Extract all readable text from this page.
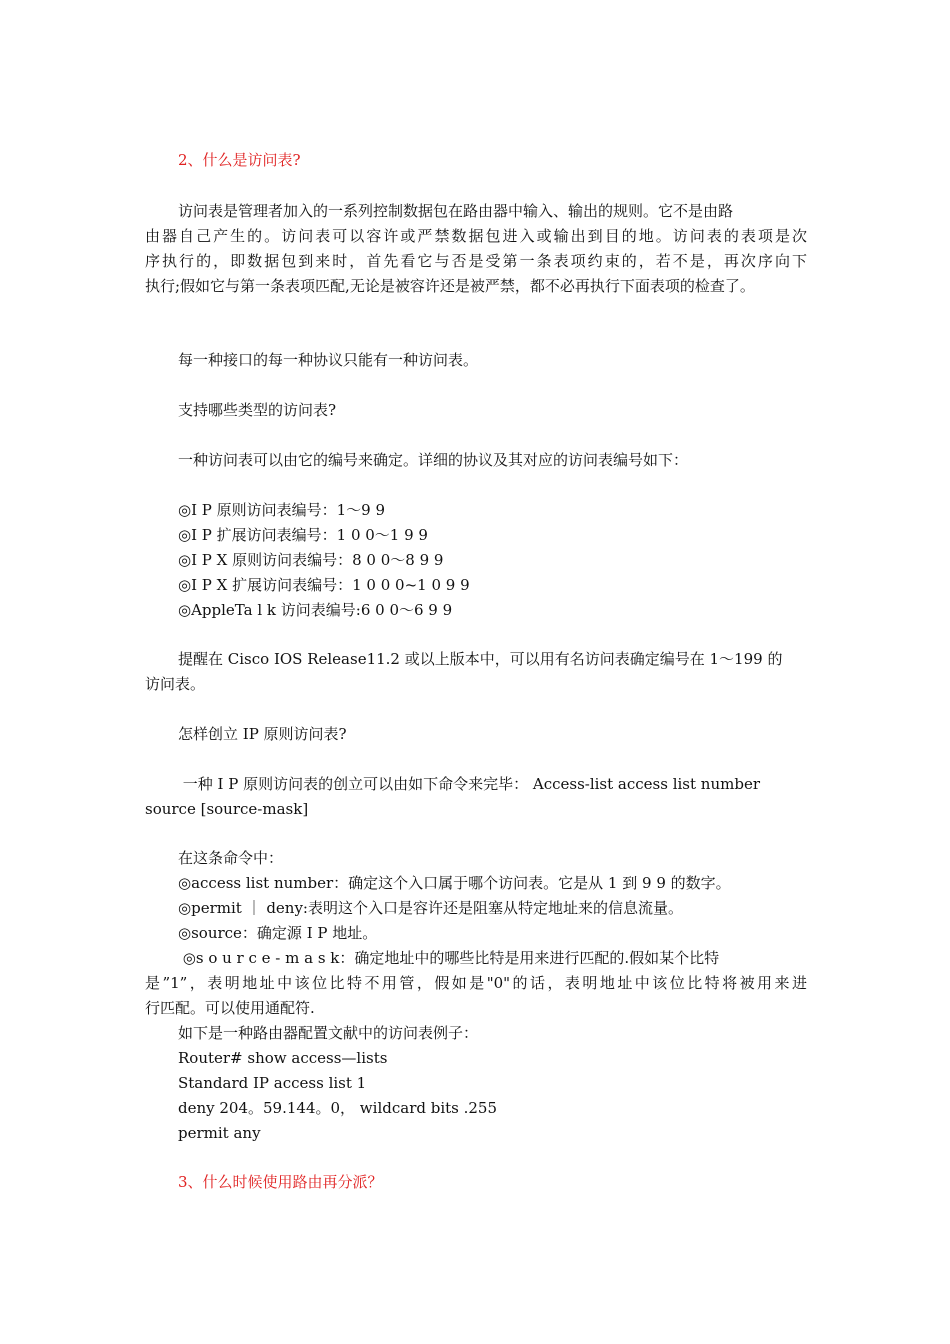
2、什么是访问表?
访问表是管理者加入的一系列控制数据包在路由器中输入、输出的规则。它不是由路
由器自己产生的。访问表可以容许或严禁数据包进入或输出到目的地。访问表的表项是次
序执行的，即数据包到来时，首先看它与否是受第一条表项约束的，若不是，再次序向下
执行;假如它与第一条表项匹配,无论是被容许还是被严禁，都不必再执行下面表项的检查了。
每一种接口的每一种协议只能有一种访问表。
支持哪些类型的访问表?
一种访问表可以由它的编号来确定。详细的协议及其对应的访问表编号如下：
◎I P 原则访问表编号：1～9 9
◎I P 扩展访问表编号：1 0 0～1 9 9
◎I P X 原则访问表编号：8 0 0～8 9 9
◎I P X 扩展访问表编号：1 0 0 0~1 0 9 9
◎AppleTa l k 访问表编号:6 0 0～6 9 9
提醒在 Cisco IOS Release11.2 或以上版本中，可以用有名访问表确定编号在 1～199 的
访问表。
怎样创立 IP 原则访问表?
一种 I P 原则访问表的创立可以由如下命令来完毕： Access-list access list number
source [source-mask]
在这条命令中：
◎access list number：确定这个入口属于哪个访问表。它是从 1 到 9 9 的数字。
◎permit ｜ deny:表明这个入口是容许还是阻塞从特定地址来的信息流量。
◎source：确定源 I P 地址。
◎s o u r c e - m a s k：确定地址中的哪些比特是用来进行匹配的.假如某个比特
是”1”，表明地址中该位比特不用管，假如是"0"的话，表明地址中该位比特将被用来进
行匹配。可以使用通配符.
如下是一种路由器配置文献中的访问表例子：
Router# show access—lists
Standard IP access list 1
deny 204。59.144。0， wildcard bits .255
permit any
3、什么时候使用路由再分派？
